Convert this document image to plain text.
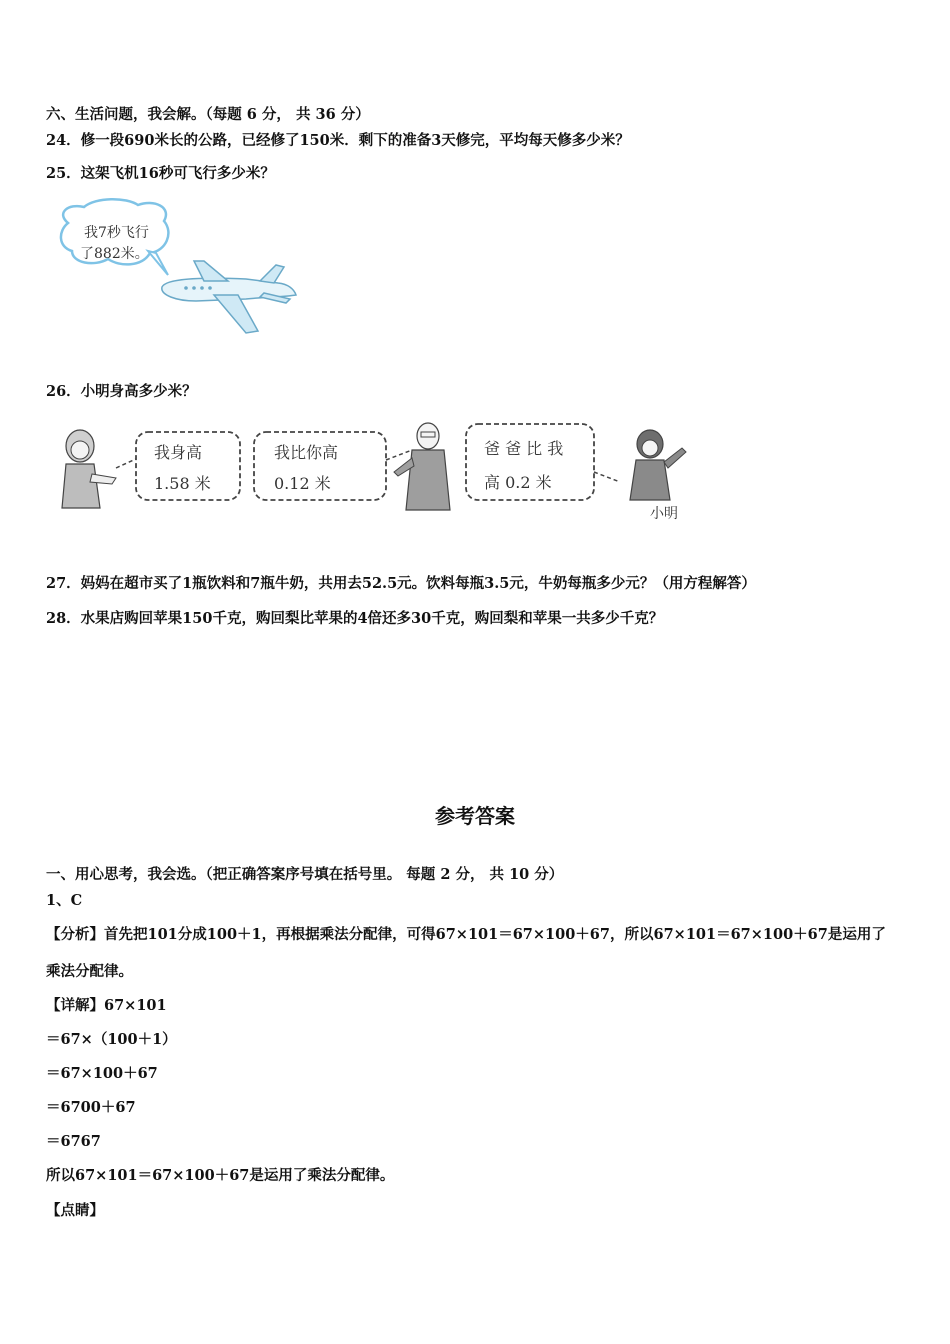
六、生活问题，我会解。（每题 6 分， 共 36 分）
24．修一段690米长的公路，已经修了150米．剩下的准备3天修完，平均每天修多少米？
25．这架飞机16秒可飞行多少米？
我7秒飞行
了882米。
26．小明身高多少米？
我身高
1.58 米
我比你高
0.12 米
爸 爸 比 我
高 0.2 米
小明
27．妈妈在超市买了1瓶饮料和7瓶牛奶，共用去52.5元。饮料每瓶3.5元，牛奶每瓶多少元？（用方程解答）
28．水果店购回苹果150千克，购回梨比苹果的4倍还多30千克，购回梨和苹果一共多少千克？
参考答案
一、用心思考，我会选。（把正确答案序号填在括号里。 每题 2 分， 共 10 分）
1、C
【分析】首先把101分成100＋1，再根据乘法分配律，可得67×101＝67×100＋67，所以67×101＝67×100＋67是运用了
乘法分配律。
【详解】67×101
＝67×（100＋1）
＝67×100＋67
＝6700＋67
＝6767
所以67×101＝67×100＋67是运用了乘法分配律。
【点睛】
